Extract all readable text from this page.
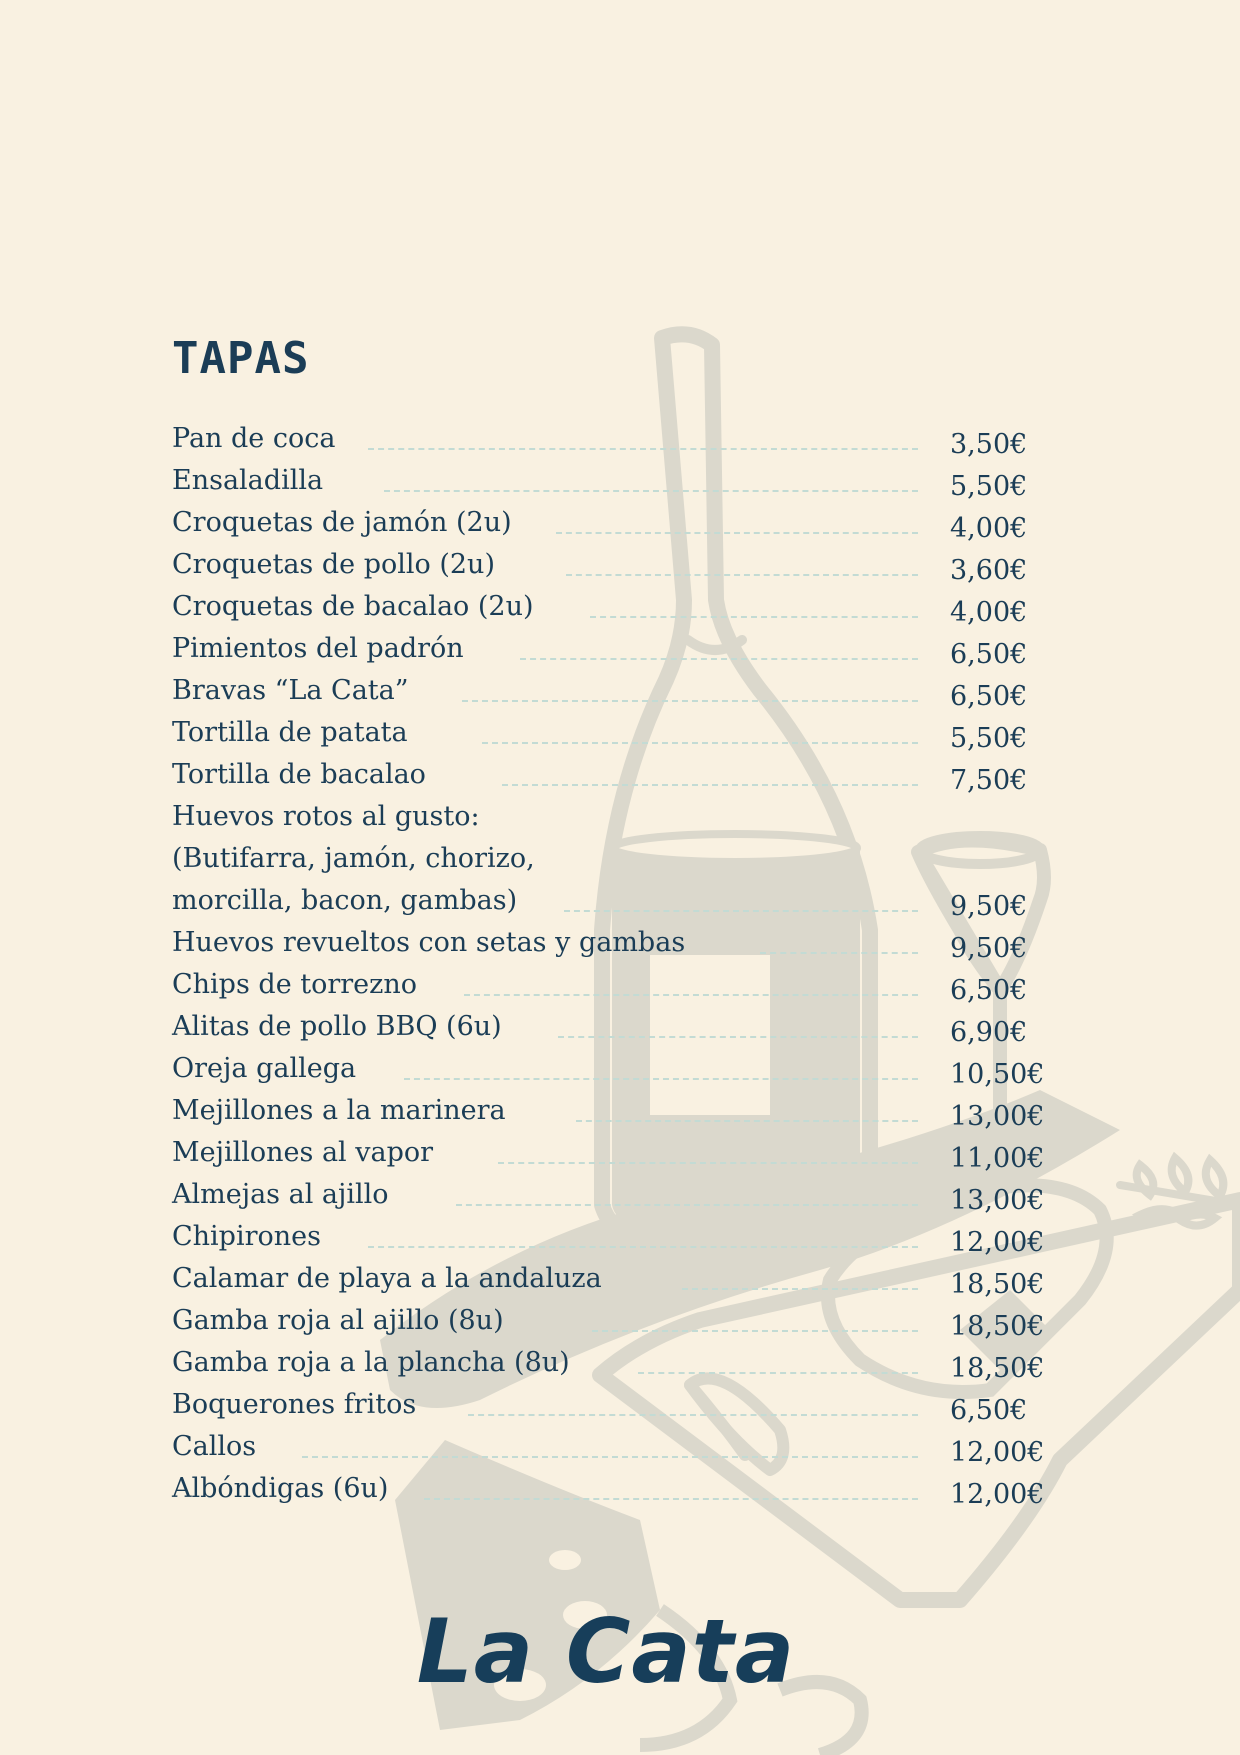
TAPAS
Pan de coca	3,50€
Ensaladilla	5,50€
Croquetas de jamón (2u)	4,00€
Croquetas de pollo (2u)	3,60€
Croquetas de bacalao (2u)	4,00€
Pimientos del padrón	6,50€
Bravas “La Cata”	6,50€
Tortilla de patata	5,50€
Tortilla de bacalao	7,50€
Huevos rotos al gusto:
(Butifarra, jamón, chorizo,
morcilla, bacon, gambas)	9,50€
Huevos revueltos con setas y gambas	9,50€
Chips de torrezno	6,50€
Alitas de pollo BBQ (6u)	6,90€
Oreja gallega	10,50€
Mejillones a la marinera	13,00€
Mejillones al vapor	11,00€
Almejas al ajillo	13,00€
Chipirones	12,00€
Calamar de playa a la andaluza	18,50€
Gamba roja al ajillo (8u)	18,50€
Gamba roja a la plancha (8u)	18,50€
Boquerones fritos	6,50€
Callos	12,00€
Albóndigas (6u)	12,00€
La Cata
